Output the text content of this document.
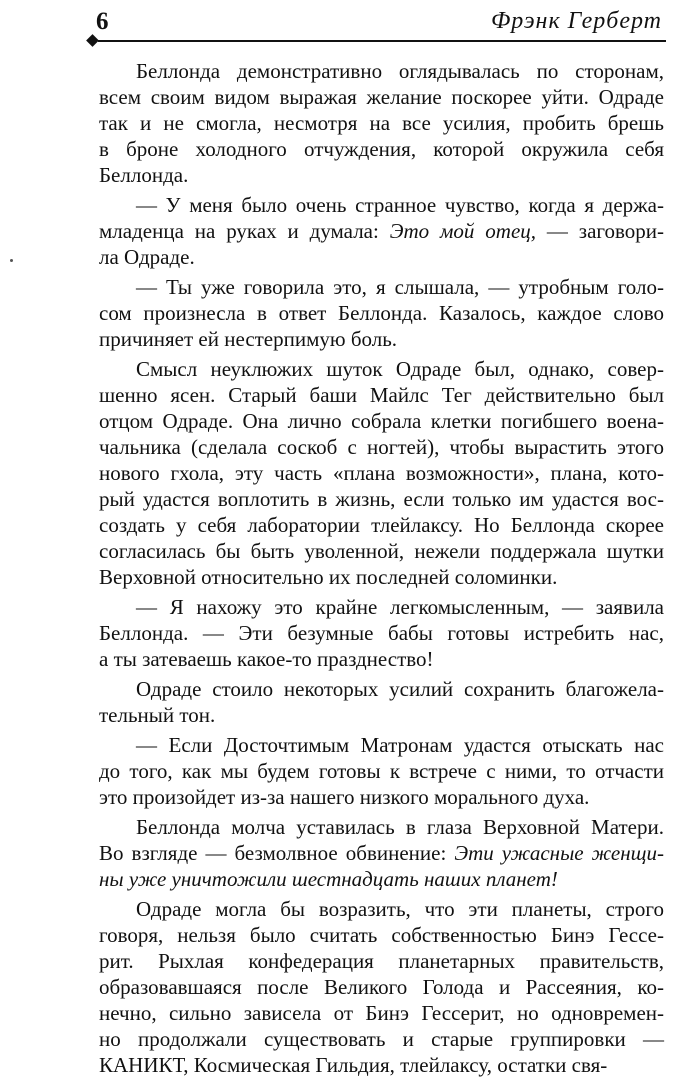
6	Фрэнк Герберт
Беллонда демонстративно оглядывалась по сторонам,
всем своим видом выражая желание поскорее уйти. Одраде
так и не смогла, несмотря на все усилия, пробить брешь
в броне холодного отчуждения, которой окружила себя
Беллонда.
— У меня было очень странное чувство, когда я держа-
младенца на руках и думала: Это мой отец, — заговори-
ла Одраде.
— Ты уже говорила это, я слышала, — утробным голо-
сом произнесла в ответ Беллонда. Казалось, каждое слово
причиняет ей нестерпимую боль.
Смысл неуклюжих шуток Одраде был, однако, совер-
шенно ясен. Старый баши Майлс Тег действительно был
отцом Одраде. Она лично собрала клетки погибшего воена-
чальника (сделала соскоб с ногтей), чтобы вырастить этого
нового гхола, эту часть «плана возможности», плана, кото-
рый удастся воплотить в жизнь, если только им удастся вос-
создать у себя лаборатории тлейлаксу. Но Беллонда скорее
согласилась бы быть уволенной, нежели поддержала шутки
Верховной относительно их последней соломинки.
— Я нахожу это крайне легкомысленным, — заявила
Беллонда. — Эти безумные бабы готовы истребить нас,
а ты затеваешь какое-то празднество!
Одраде стоило некоторых усилий сохранить благожела-
тельный тон.
— Если Досточтимым Матронам удастся отыскать нас
до того, как мы будем готовы к встрече с ними, то отчасти
это произойдет из-за нашего низкого морального духа.
Беллонда молча уставилась в глаза Верховной Матери.
Во взгляде — безмолвное обвинение: Эти ужасные женщи-
ны уже уничтожили шестнадцать наших планет!
Одраде могла бы возразить, что эти планеты, строго
говоря, нельзя было считать собственностью Бинэ Гессе-
рит. Рыхлая конфедерация планетарных правительств,
образовавшаяся после Великого Голода и Рассеяния, ко-
нечно, сильно зависела от Бинэ Гессерит, но одновремен-
но продолжали существовать и старые группировки —
КАНИКТ, Космическая Гильдия, тлейлаксу, остатки свя-
